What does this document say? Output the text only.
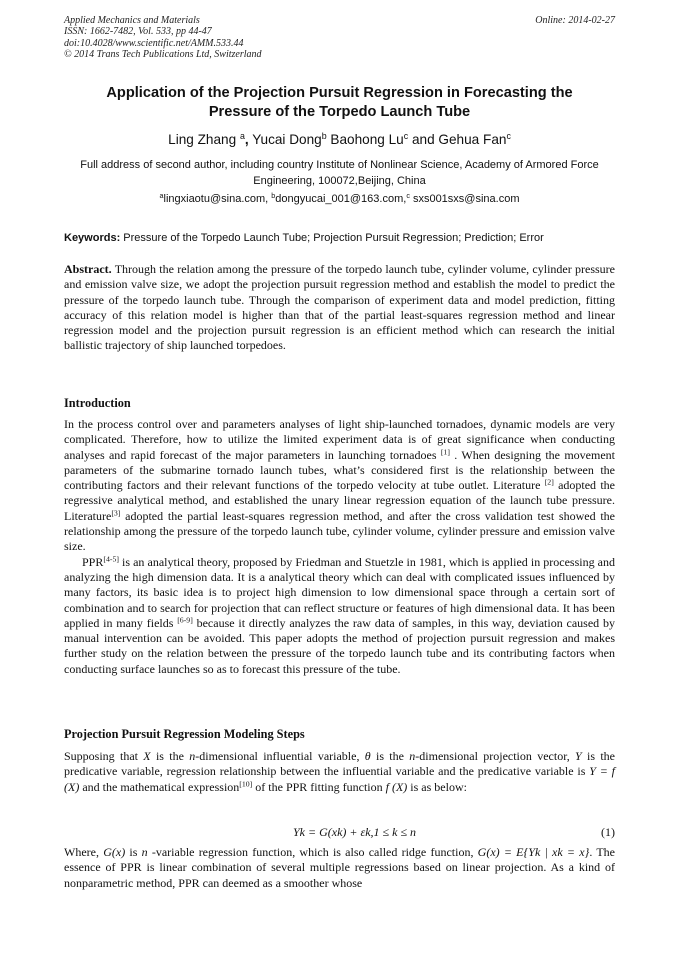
Applied Mechanics and Materials
ISSN: 1662-7482, Vol. 533, pp 44-47
doi:10.4028/www.scientific.net/AMM.533.44
© 2014 Trans Tech Publications Ltd, Switzerland
Online: 2014-02-27
Application of the Projection Pursuit Regression in Forecasting the
Pressure of the Torpedo Launch Tube
Ling Zhang $^a$, Yucai Dong$^b$ Baohong Lu$^c$ and Gehua Fan$^c$
Full address of second author, including country Institute of Nonlinear Science, Academy of Armored Force Engineering, 100072,Beijing, China
$^a$lingxiaotu@sina.com, $^b$dongyucai_001@163.com,$^c$ sxs001sxs@sina.com
Keywords: Pressure of the Torpedo Launch Tube; Projection Pursuit Regression; Prediction; Error

Abstract. Through the relation among the pressure of the torpedo launch tube, cylinder volume, cylinder pressure and emission valve size, we adopt the projection pursuit regression method and establish the model to predict the pressure of the torpedo launch tube. Through the comparison of experiment data and model prediction, fitting accuracy of this relation model is higher than that of the partial least-squares regression method and linear regression model and the projection pursuit regression is an efficient method which can research the initial ballistic trajectory of ship launched torpedoes.

Introduction

In the process control over and parameters analyses of light ship-launched tornadoes, dynamic models are very complicated. Therefore, how to utilize the limited experiment data is of great significance when conducting analyses and rapid forecast of the major parameters in launching tornadoes [1] . When designing the movement parameters of the submarine tornado launch tubes, what’s considered first is the relationship between the contributing factors and their relevant functions of the torpedo velocity at tube outlet. Literature [2] adopted the regressive analytical method, and established the unary linear regression equation of the launch tube pressure. Literature[3] adopted the partial least-squares regression method, and after the cross validation test showed the relationship among the pressure of the torpedo launch tube, cylinder volume, cylinder pressure and emission valve size.

PPR[4-5] is an analytical theory, proposed by Friedman and Stuetzle in 1981, which is applied in processing and analyzing the high dimension data. It is a analytical theory which can deal with complicated issues influenced by many factors, its basic idea is to project high dimension to low dimensional space through a certain sort of combination and to search for projection that can reflect structure or features of high dimensional data. It has been applied in many fields [6-9] because it directly analyzes the raw data of samples, in this way, deviation caused by manual intervention can be avoided. This paper adopts the method of projection pursuit regression and makes further study on the relation between the pressure of the torpedo launch tube and its contributing factors when conducting surface launches so as to forecast this pressure of the tube.

Projection Pursuit Regression Modeling Steps

Supposing that X is the n-dimensional influential variable, θ is the n-dimensional projection vector, Y is the predicative variable, regression relationship between the influential variable and the predicative variable is Y = f (X) and the mathematical expression[10] of the PPR fitting function f (X) is as below:

Yk = G(xk) + εk,1 ≤ k ≤ n	(1)

Where, G(x) is n -variable regression function, which is also called ridge function, G(x) = E{Yk | xk = x}. The essence of PPR is linear combination of several multiple regressions based on linear projection. As a kind of nonparametric method, PPR can deemed as a smoother whose
